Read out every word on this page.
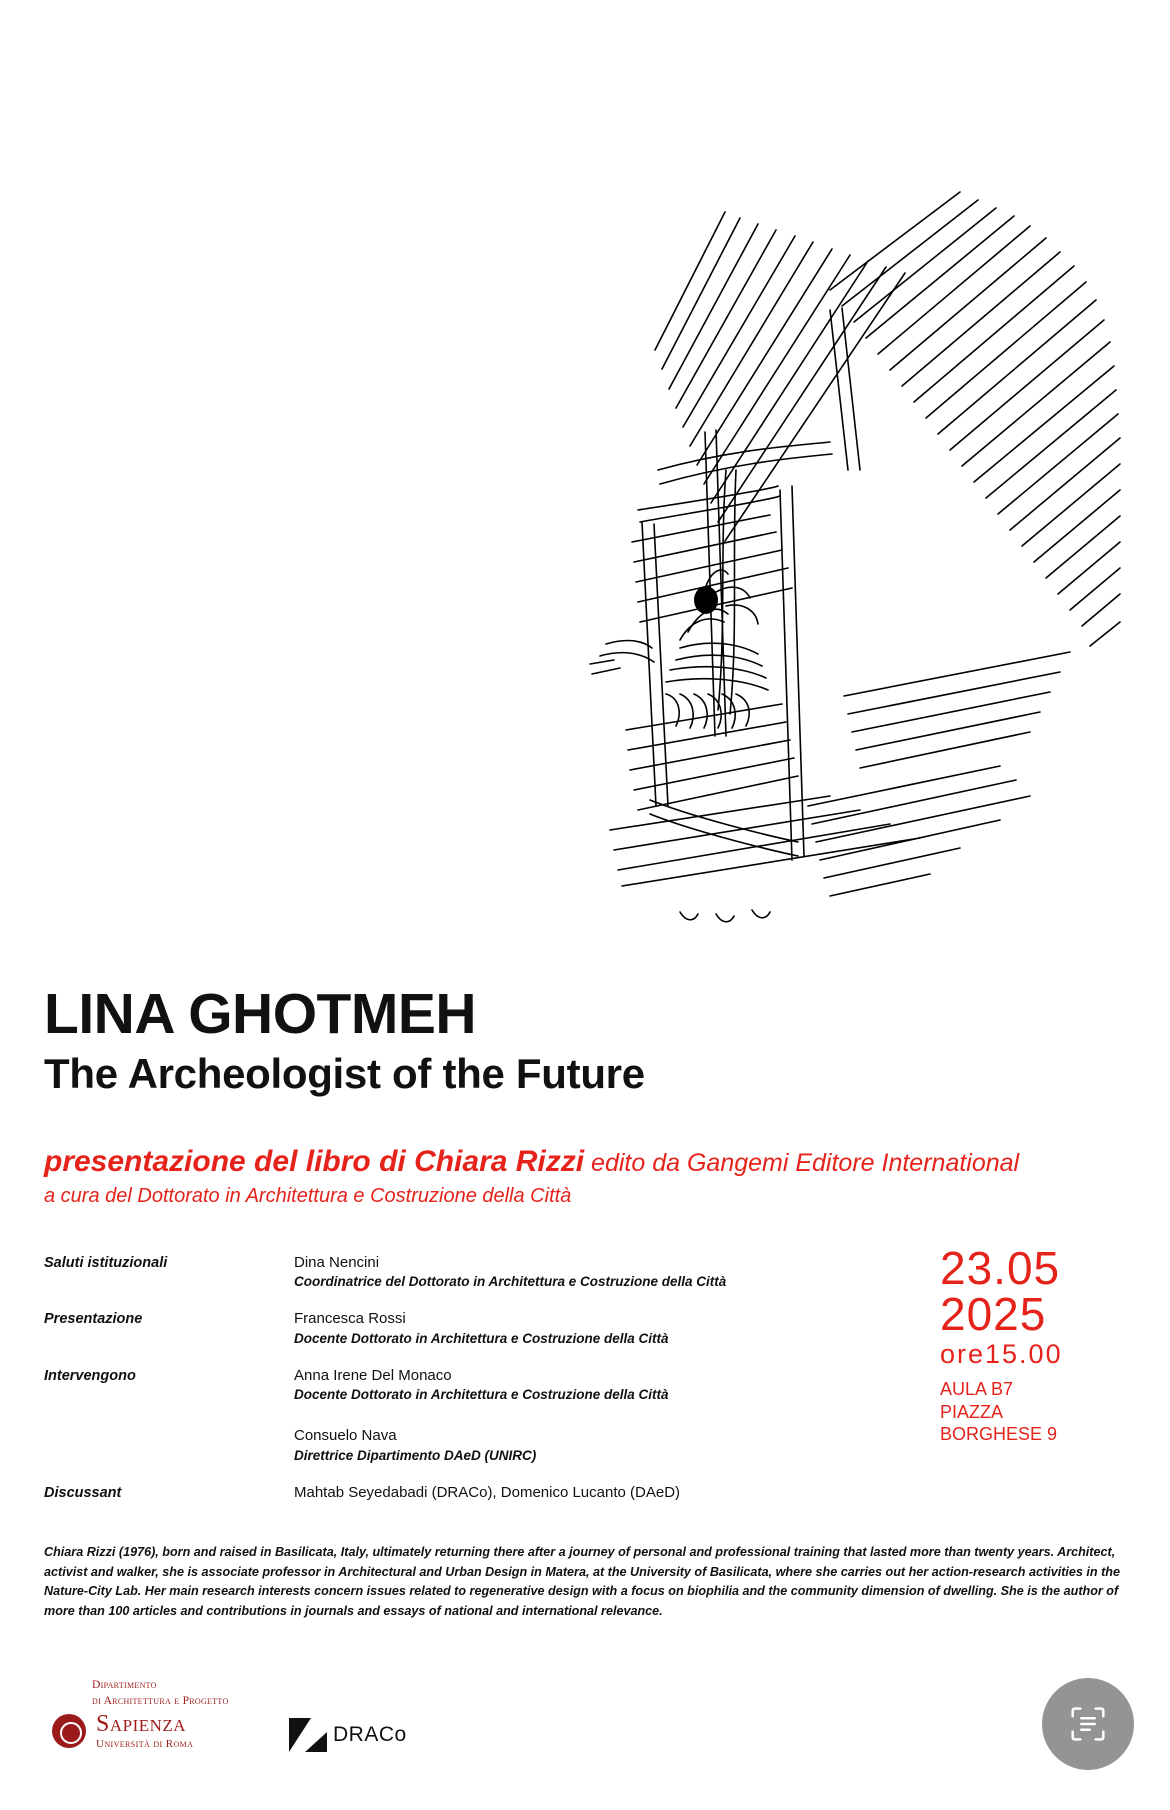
LINA GHOTMEH
The Archeologist of the Future
presentazione del libro di Chiara Rizzi edito da Gangemi Editore International
a cura del Dottorato in Architettura e Costruzione della Città
Saluti istituzionali	Dina Nencini
Coordinatrice del Dottorato in Architettura e Costruzione della Città
Presentazione	Francesca Rossi
Docente Dottorato in Architettura e Costruzione della Città
Intervengono	Anna Irene Del Monaco
Docente Dottorato in Architettura e Costruzione della Città
Consuelo Nava
Direttrice Dipartimento DAeD (UNIRC)
Discussant	Mahtab Seyedabadi (DRACo), Domenico Lucanto (DAeD)
23.05
2025
ore15.00
AULA B7
PIAZZA
BORGHESE 9
Chiara Rizzi (1976), born and raised in Basilicata, Italy, ultimately returning there after a journey of personal and professional training that lasted more than twenty years. Architect, activist and walker, she is associate professor in Architectural and Urban Design in Matera, at the University of Basilicata, where she carries out her action-research activities in the Nature-City Lab. Her main research interests concern issues related to regenerative design with a focus on biophilia and the community dimension of dwelling. She is the author of more than 100 articles and contributions in journals and essays of national and international relevance.
Dipartimento
di Architettura e Progetto
Sapienza
Università di Roma	DRACo
